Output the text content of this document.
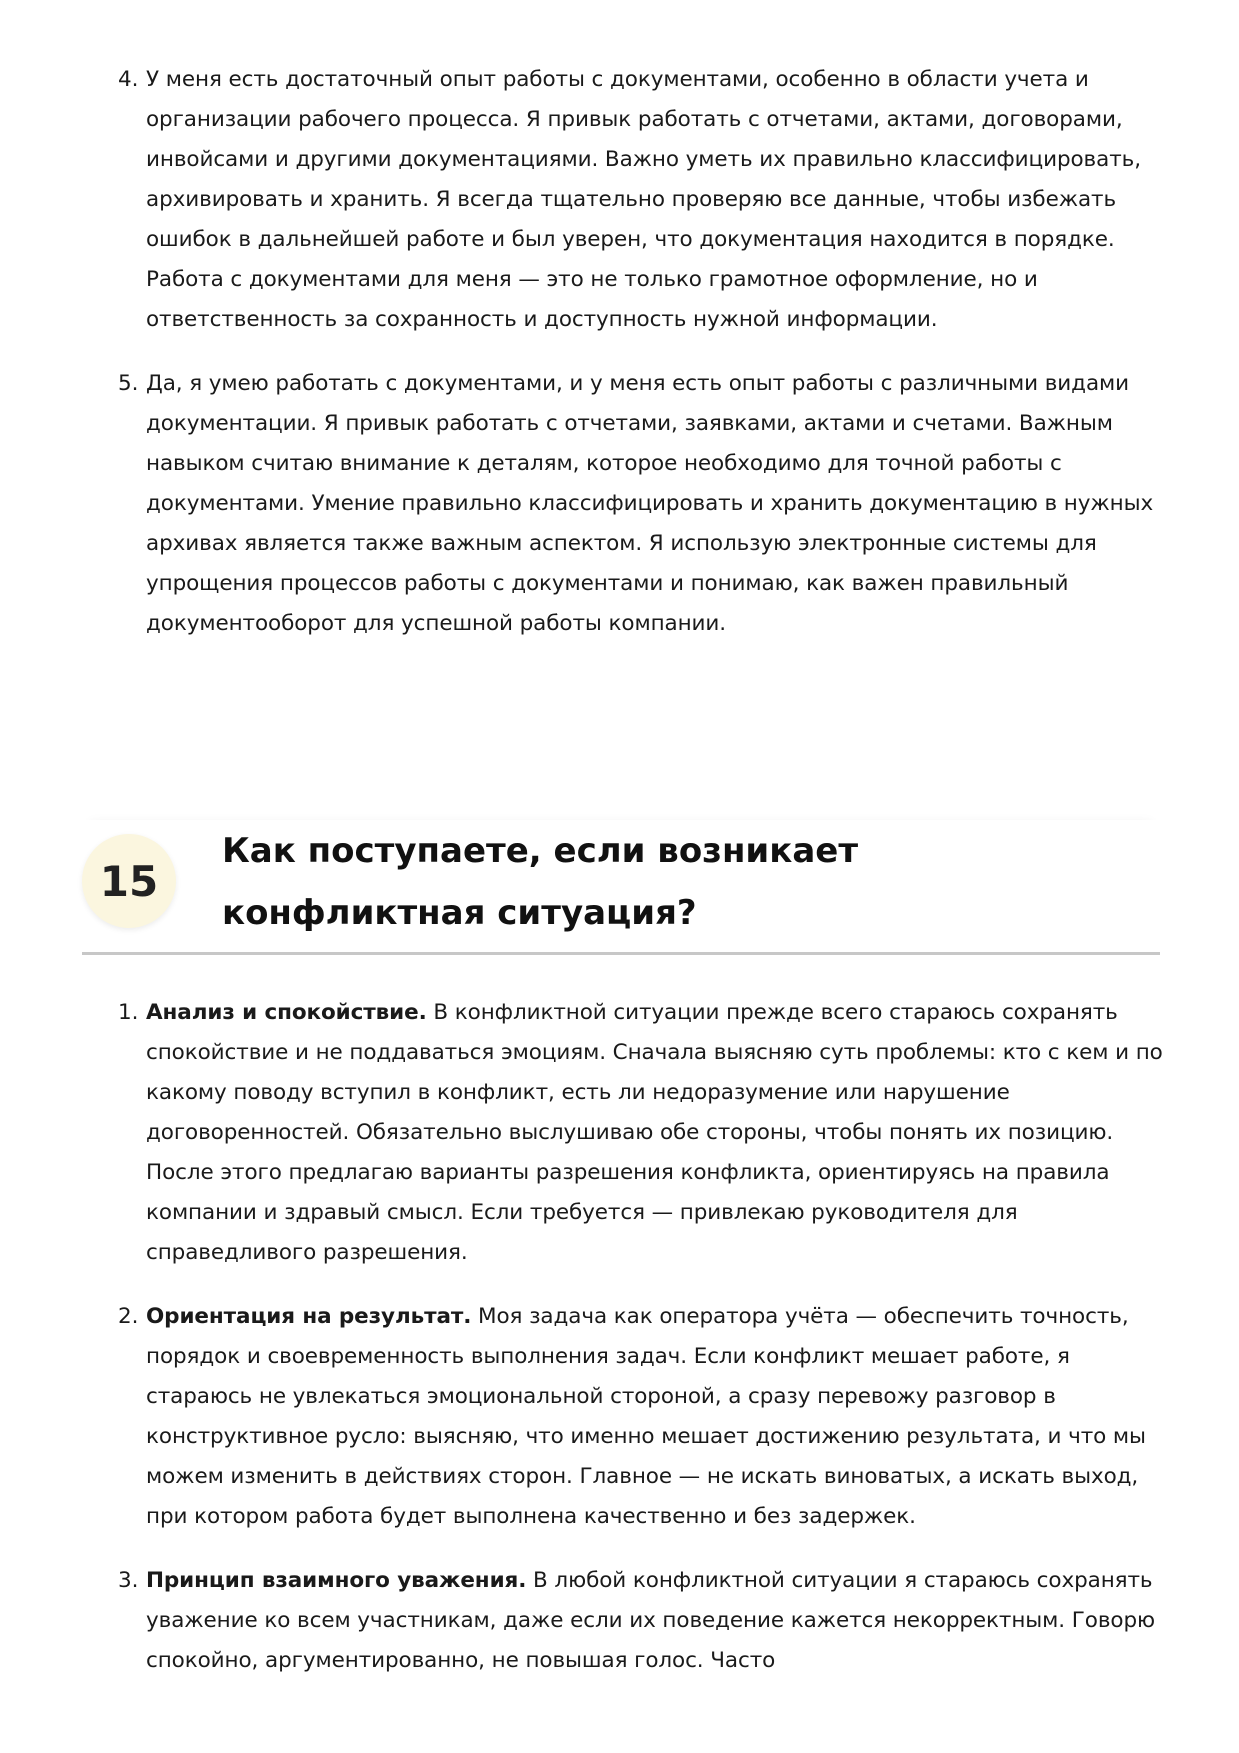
4. У меня есть достаточный опыт работы с документами, особенно в области учета и организации рабочего процесса. Я привык работать с отчетами, актами, договорами, инвойсами и другими документациями. Важно уметь их правильно классифицировать, архивировать и хранить. Я всегда тщательно проверяю все данные, чтобы избежать ошибок в дальнейшей работе и был уверен, что документация находится в порядке. Работа с документами для меня — это не только грамотное оформление, но и ответственность за сохранность и доступность нужной информации.
5. Да, я умею работать с документами, и у меня есть опыт работы с различными видами документации. Я привык работать с отчетами, заявками, актами и счетами. Важным навыком считаю внимание к деталям, которое необходимо для точной работы с документами. Умение правильно классифицировать и хранить документацию в нужных архивах является также важным аспектом. Я использую электронные системы для упрощения процессов работы с документами и понимаю, как важен правильный документооборот для успешной работы компании.
15
Как поступаете, если возникает конфликтная ситуация?
1. Анализ и спокойствие. В конфликтной ситуации прежде всего стараюсь сохранять спокойствие и не поддаваться эмоциям. Сначала выясняю суть проблемы: кто с кем и по какому поводу вступил в конфликт, есть ли недоразумение или нарушение договоренностей. Обязательно выслушиваю обе стороны, чтобы понять их позицию. После этого предлагаю варианты разрешения конфликта, ориентируясь на правила компании и здравый смысл. Если требуется — привлекаю руководителя для справедливого разрешения.
2. Ориентация на результат. Моя задача как оператора учёта — обеспечить точность, порядок и своевременность выполнения задач. Если конфликт мешает работе, я стараюсь не увлекаться эмоциональной стороной, а сразу перевожу разговор в конструктивное русло: выясняю, что именно мешает достижению результата, и что мы можем изменить в действиях сторон. Главное — не искать виноватых, а искать выход, при котором работа будет выполнена качественно и без задержек.
3. Принцип взаимного уважения. В любой конфликтной ситуации я стараюсь сохранять уважение ко всем участникам, даже если их поведение кажется некорректным. Говорю спокойно, аргументированно, не повышая голос. Часто
